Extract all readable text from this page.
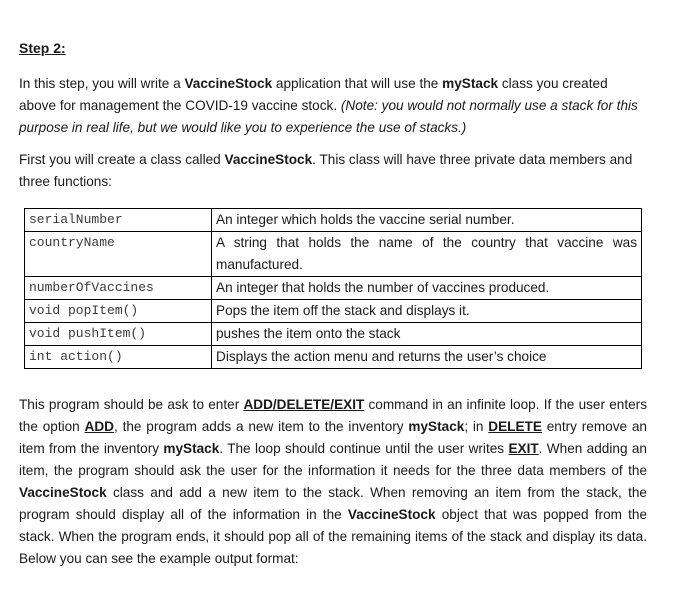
Step 2:
In this step, you will write a VaccineStock application that will use the myStack class you created above for management the COVID-19 vaccine stock. (Note: you would not normally use a stack for this purpose in real life, but we would like you to experience the use of stacks.)
First you will create a class called VaccineStock. This class will have three private data members and three functions:
serialNumber	An integer which holds the vaccine serial number.
countryName	A string that holds the name of the country that vaccine was manufactured.
numberOfVaccines	An integer that holds the number of vaccines produced.
void popItem()	Pops the item off the stack and displays it.
void pushItem()	pushes the item onto the stack
int action()	Displays the action menu and returns the user’s choice
This program should be ask to enter ADD/DELETE/EXIT command in an infinite loop. If the user enters the option ADD, the program adds a new item to the inventory myStack; in DELETE entry remove an item from the inventory myStack. The loop should continue until the user writes EXIT. When adding an item, the program should ask the user for the information it needs for the three data members of the VaccineStock class and add a new item to the stack. When removing an item from the stack, the program should display all of the information in the VaccineStock object that was popped from the stack. When the program ends, it should pop all of the remaining items of the stack and display its data. Below you can see the example output format:
